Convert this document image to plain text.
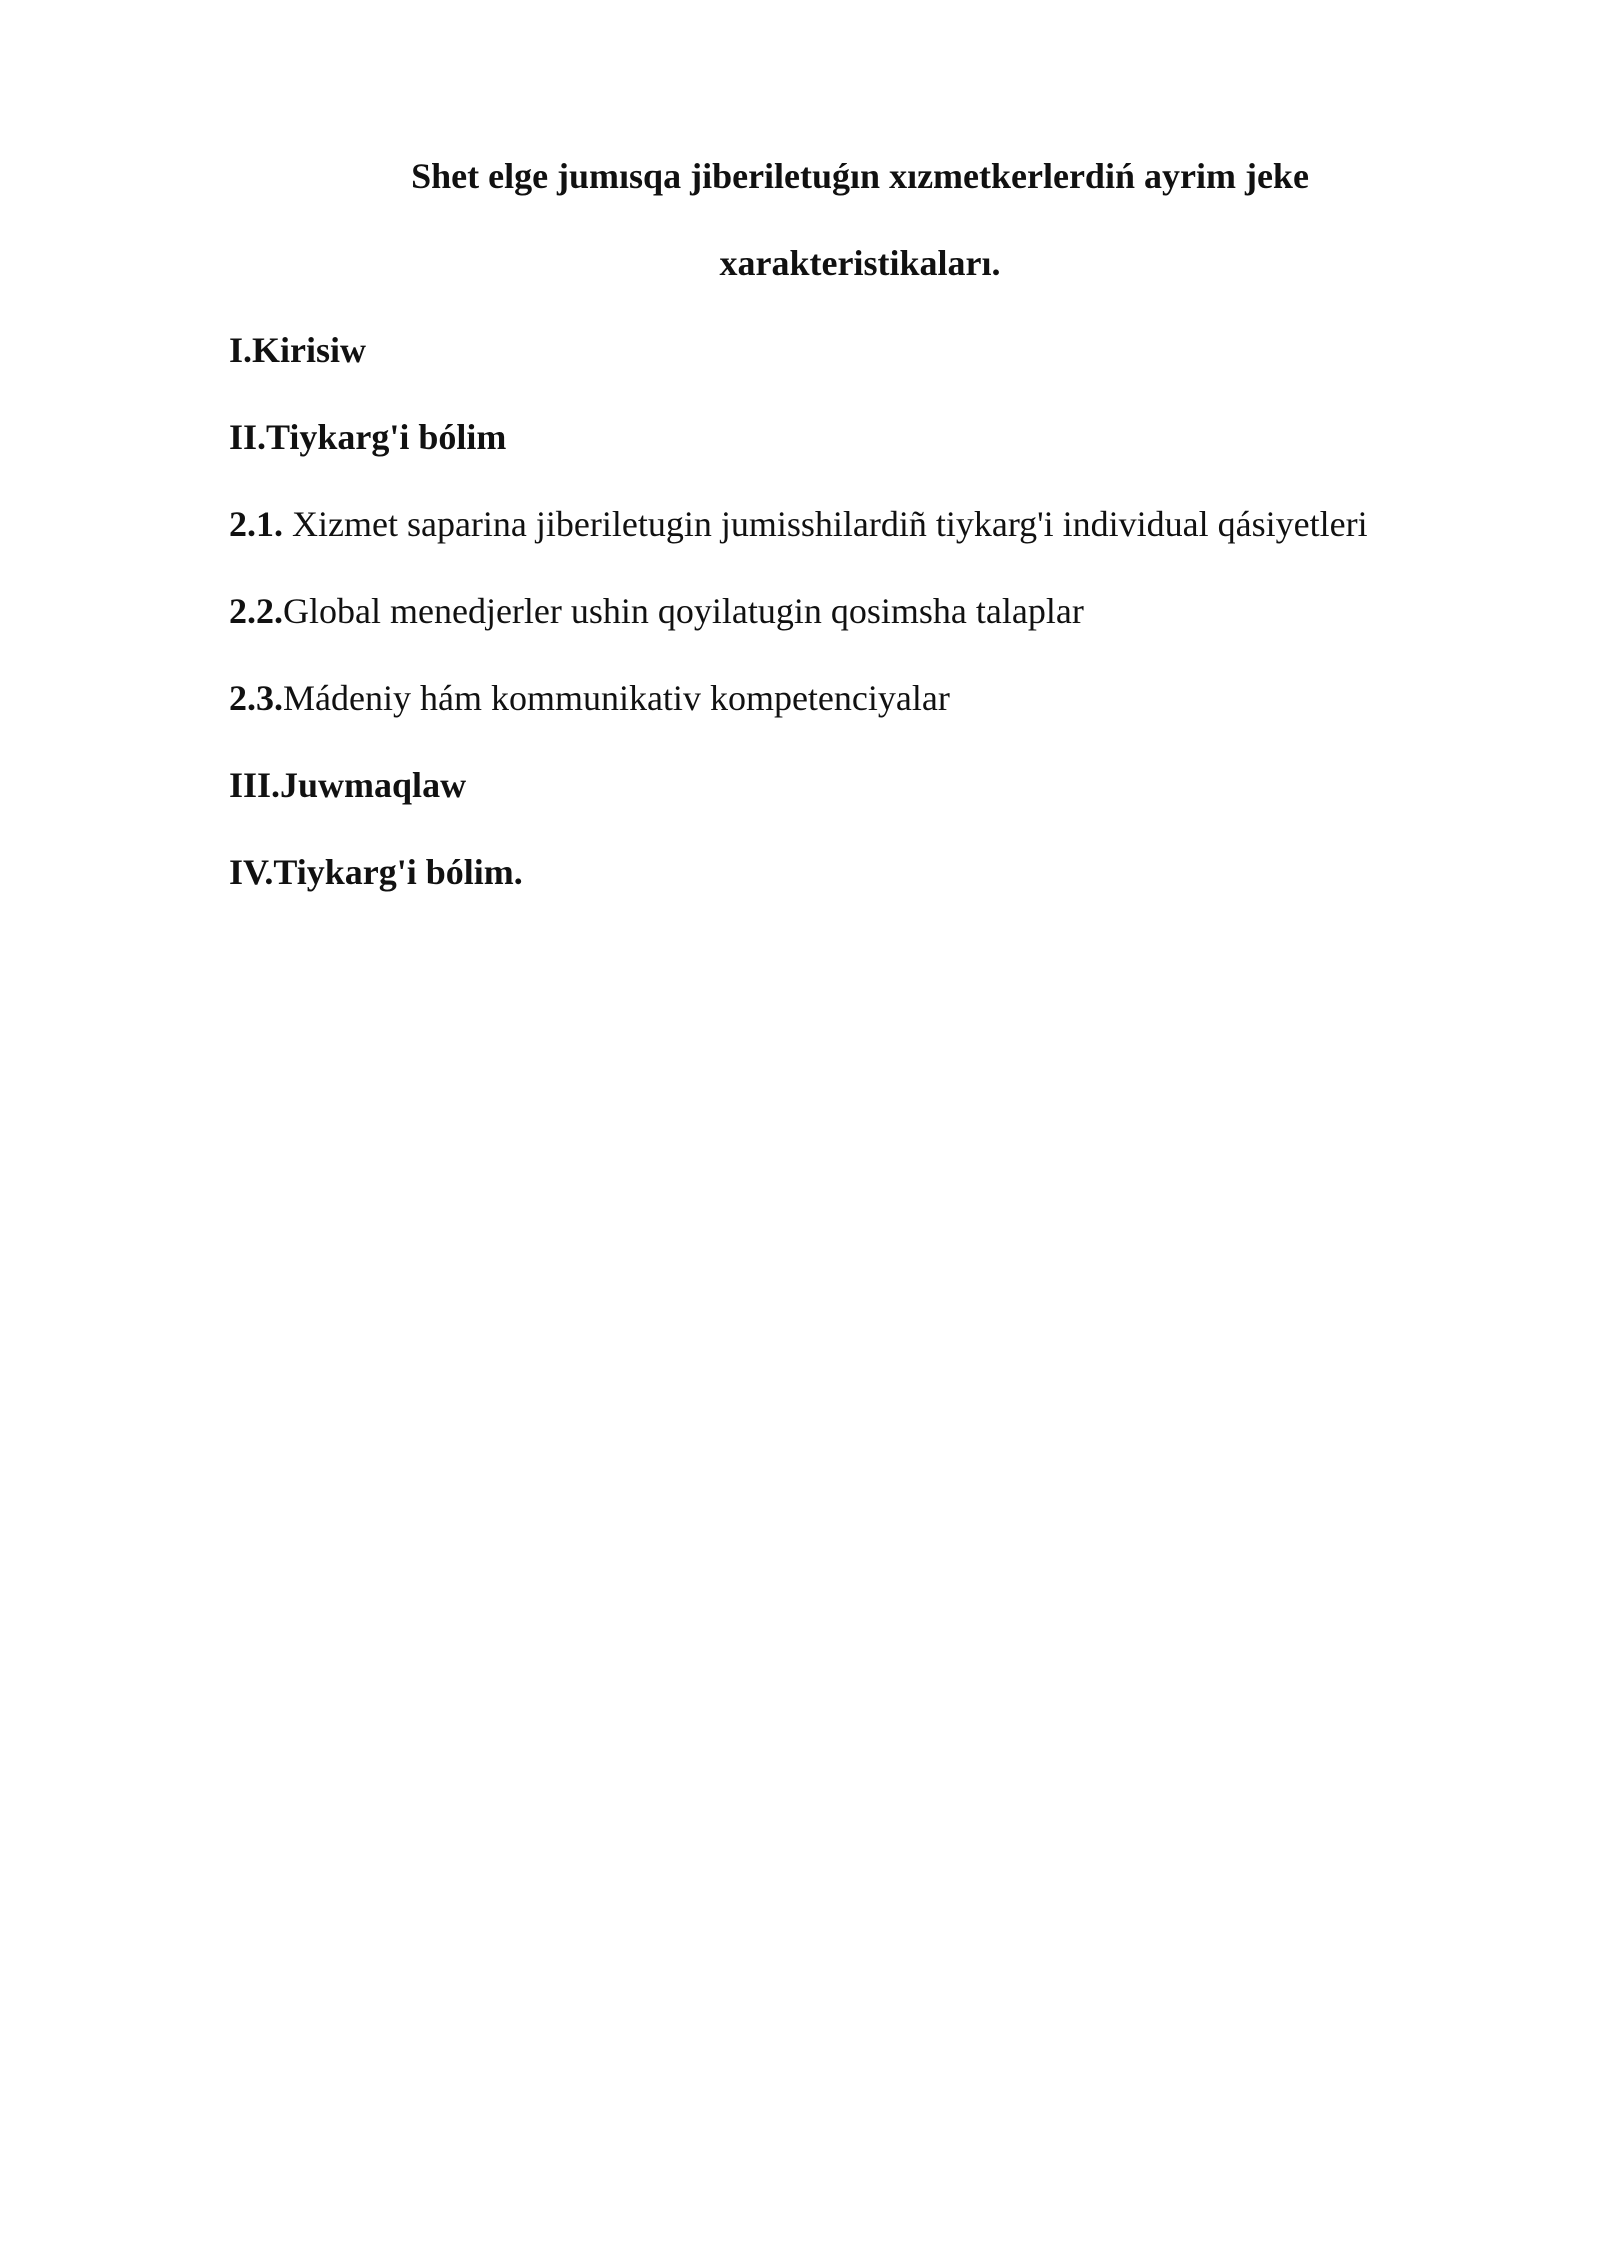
Shet elge jumısqa jiberiletuǵın xızmetkerlerdiń ayrim jeke
xarakteristikaları.
I.Kirisiw
II.Tiykarg'i bólim
2.1. Xizmet saparina jiberiletugin jumisshilardiñ tiykarg'i individual qásiyetleri
2.2.Global menedjerler ushin qoyilatugin qosimsha talaplar
2.3.Mádeniy hám kommunikativ kompetenciyalar
III.Juwmaqlaw
IV.Tiykarg'i bólim.
